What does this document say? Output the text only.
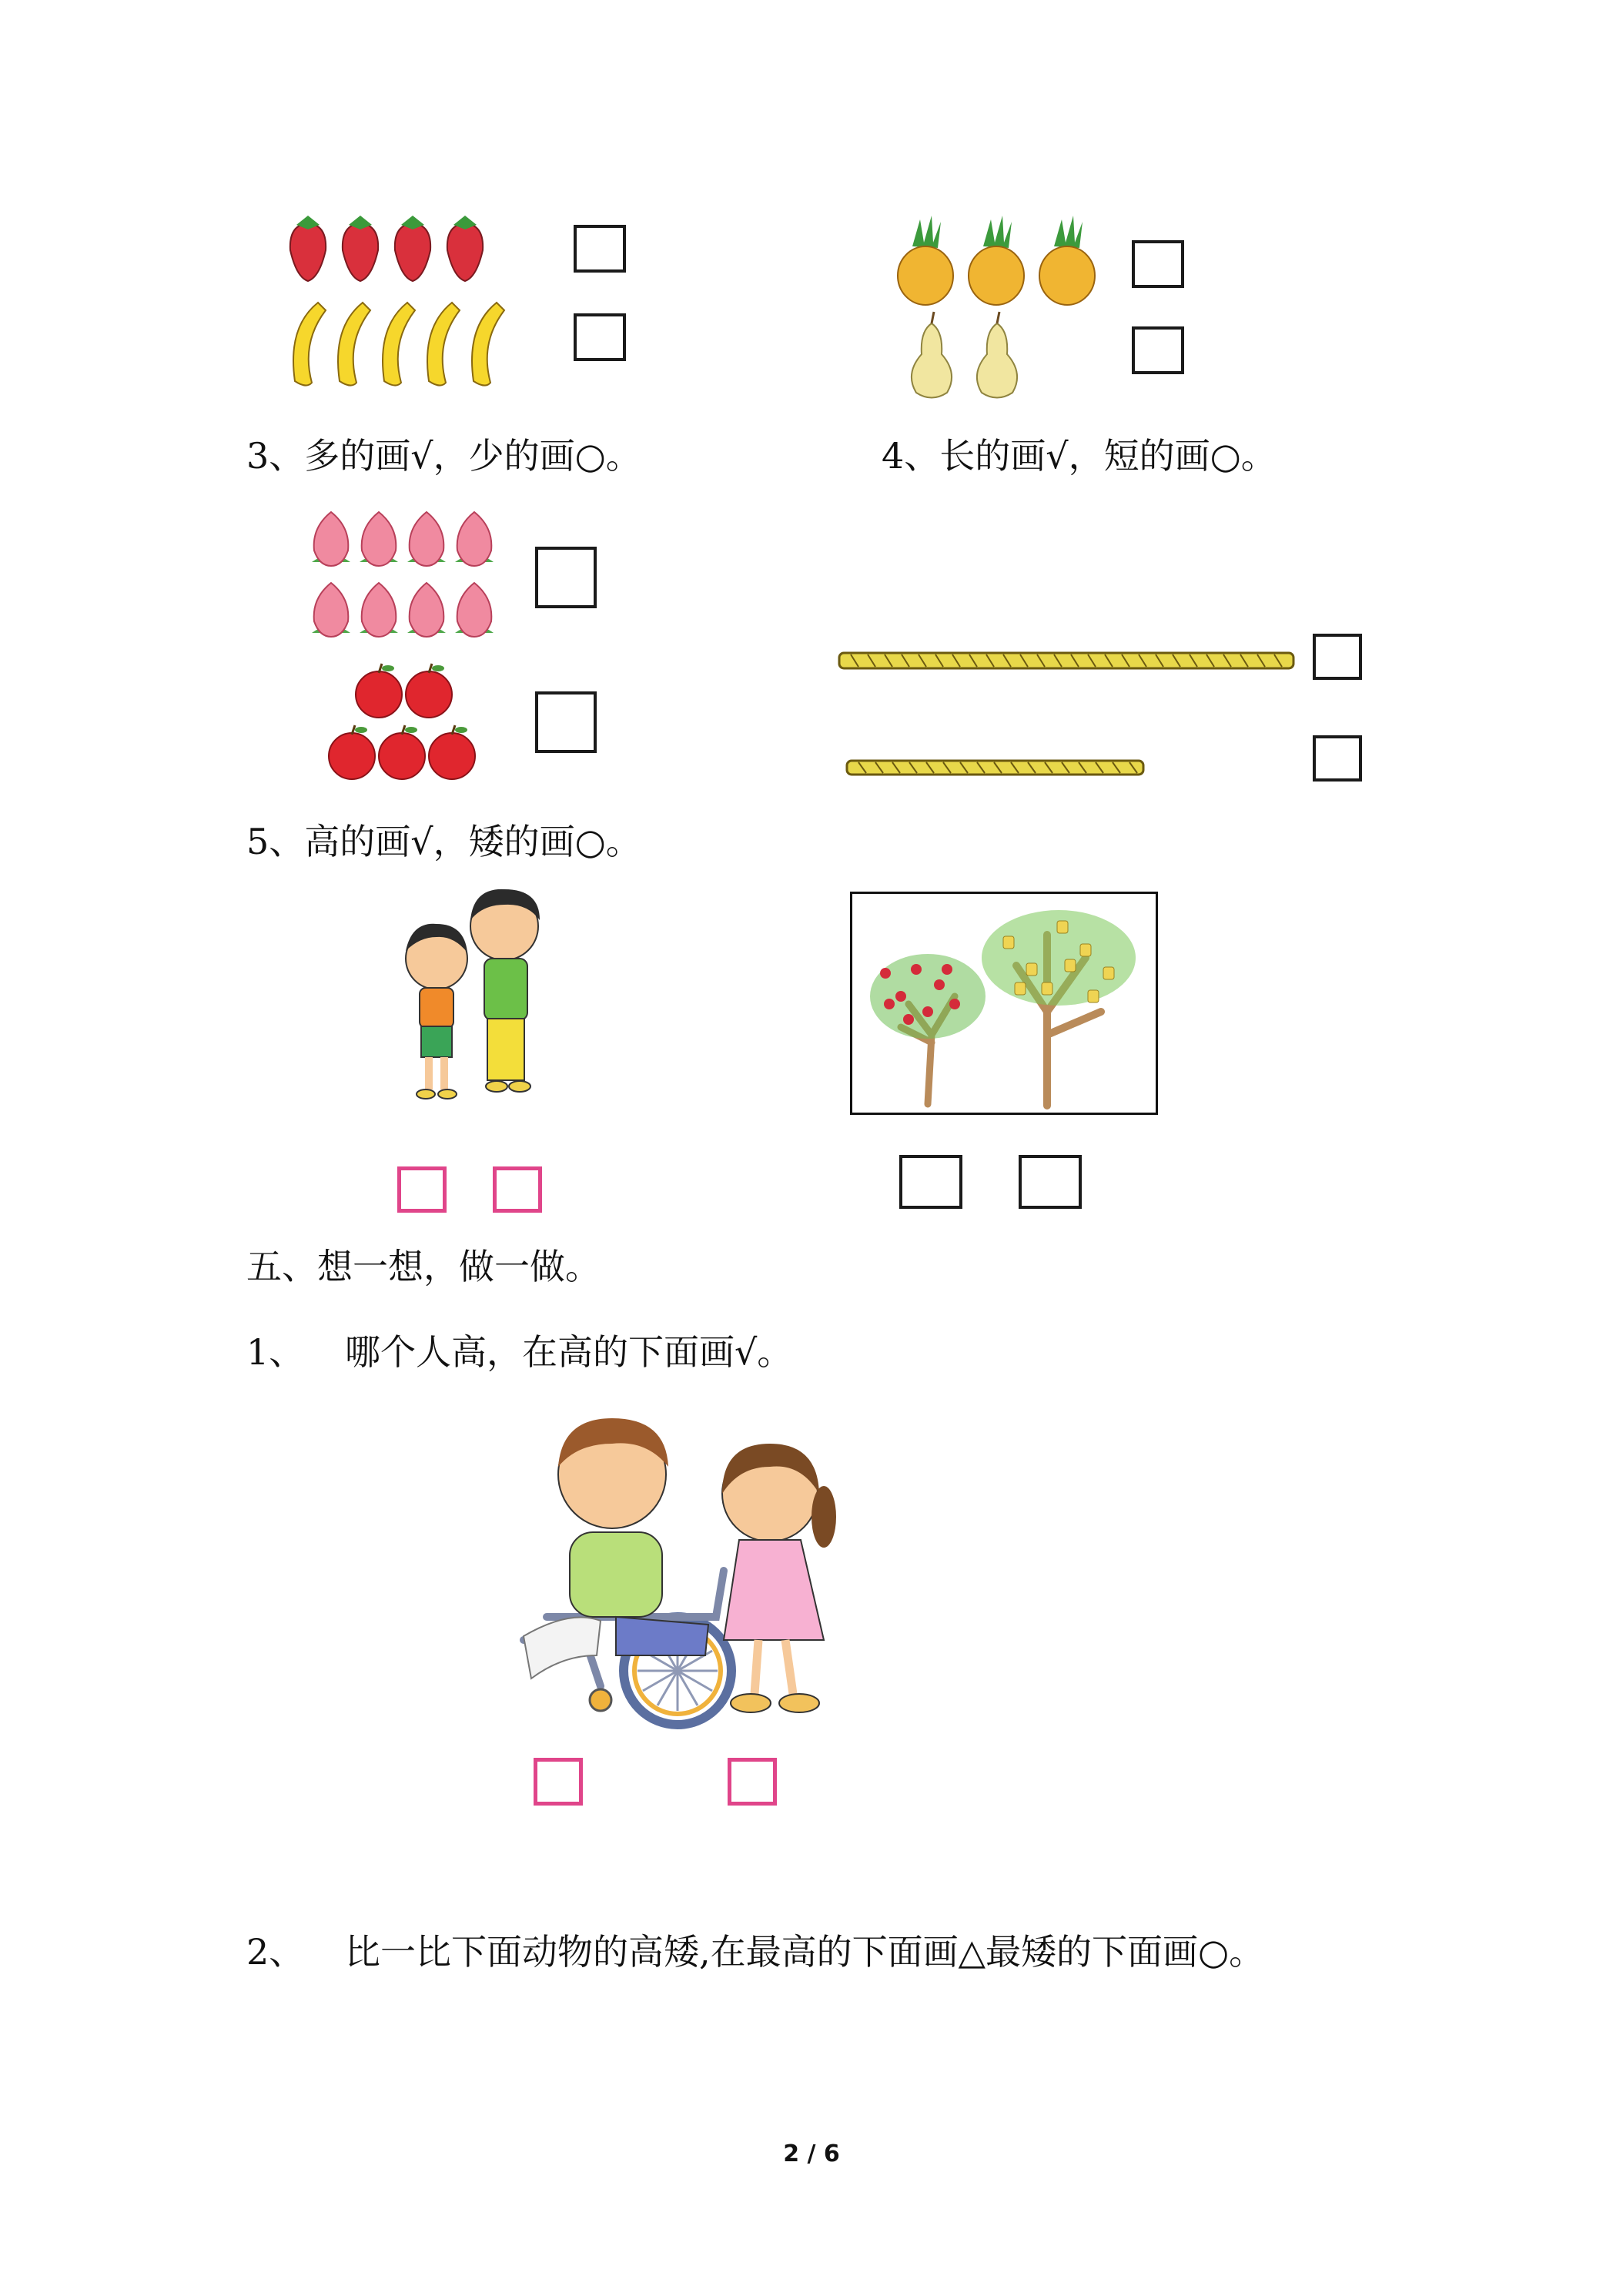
3、多的画√，少的画○。	4、长的画√，短的画○。
5、高的画√，矮的画○。
五、想一想，做一做。
1、 哪个人高，在高的下面画√。
2、 比一比下面动物的高矮,在最高的下面画△最矮的下面画○。
2 / 6
